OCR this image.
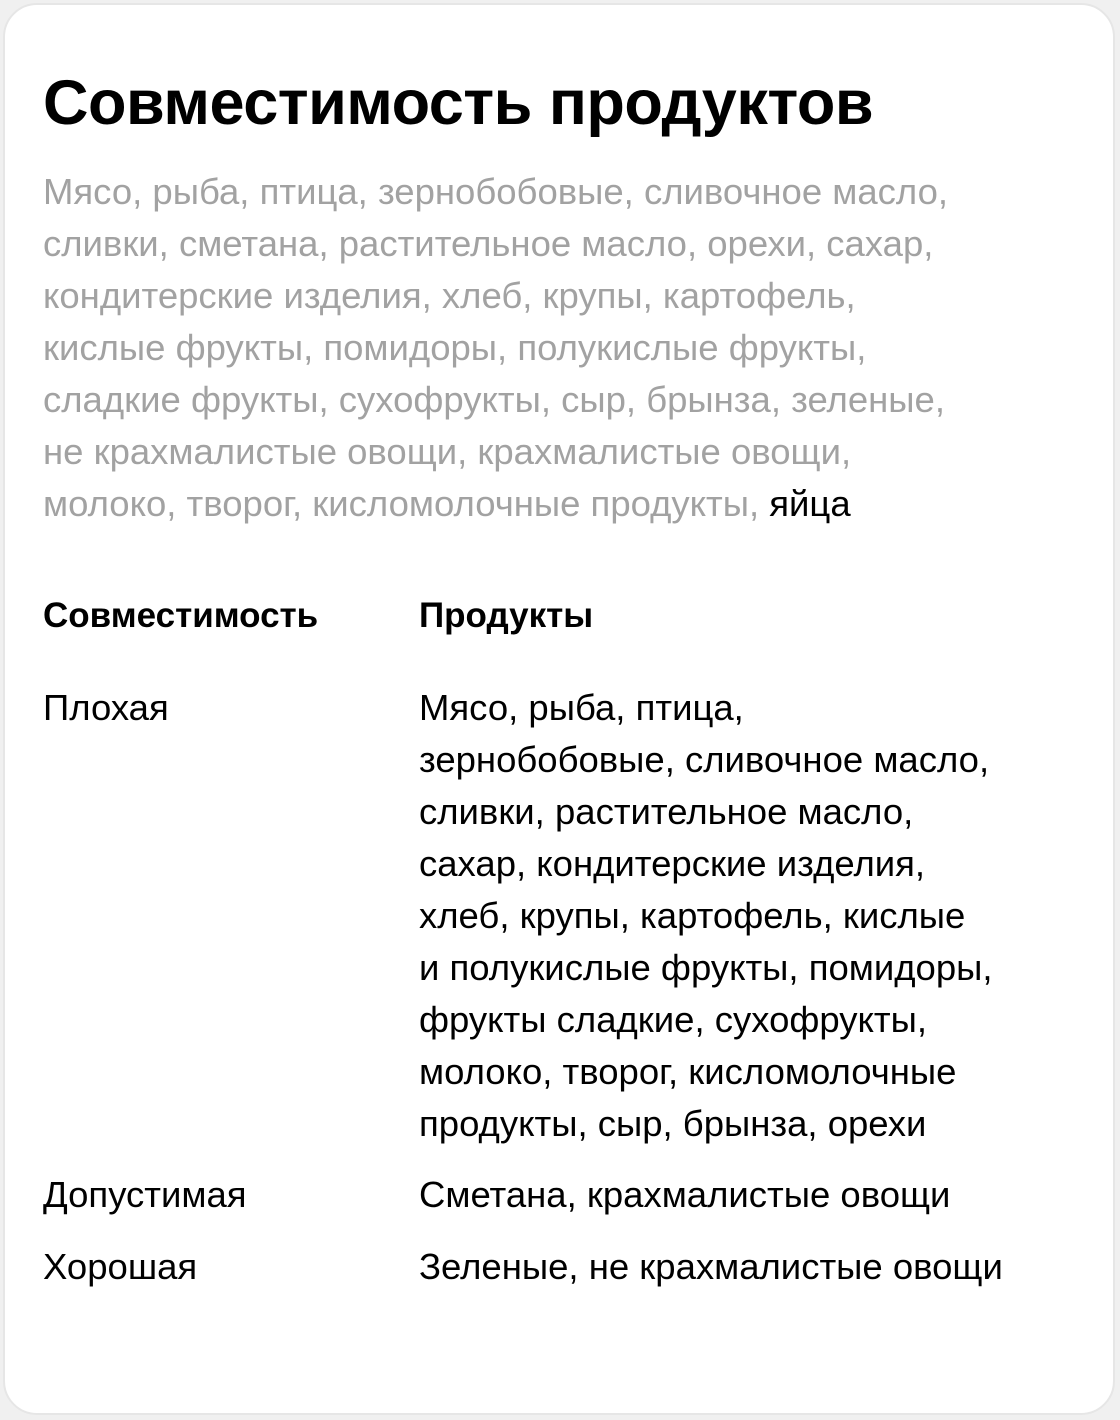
Совместимость продуктов

Мясо, рыба, птица, зернобобовые, сливочное масло,
сливки, сметана, растительное масло, орехи, сахар,
кондитерские изделия, хлеб, крупы, картофель,
кислые фрукты, помидоры, полукислые фрукты,
сладкие фрукты, сухофрукты, сыр, брынза, зеленые,
не крахмалистые овощи, крахмалистые овощи,
молоко, творог, кисломолочные продукты, яйца

Совместимость	Продукты
Плохая	Мясо, рыба, птица,
зернобобовые, сливочное масло,
сливки, растительное масло,
сахар, кондитерские изделия,
хлеб, крупы, картофель, кислые
и полукислые фрукты, помидоры,
фрукты сладкие, сухофрукты,
молоко, творог, кисломолочные
продукты, сыр, брынза, орехи
Допустимая	Сметана, крахмалистые овощи
Хорошая	Зеленые, не крахмалистые овощи
